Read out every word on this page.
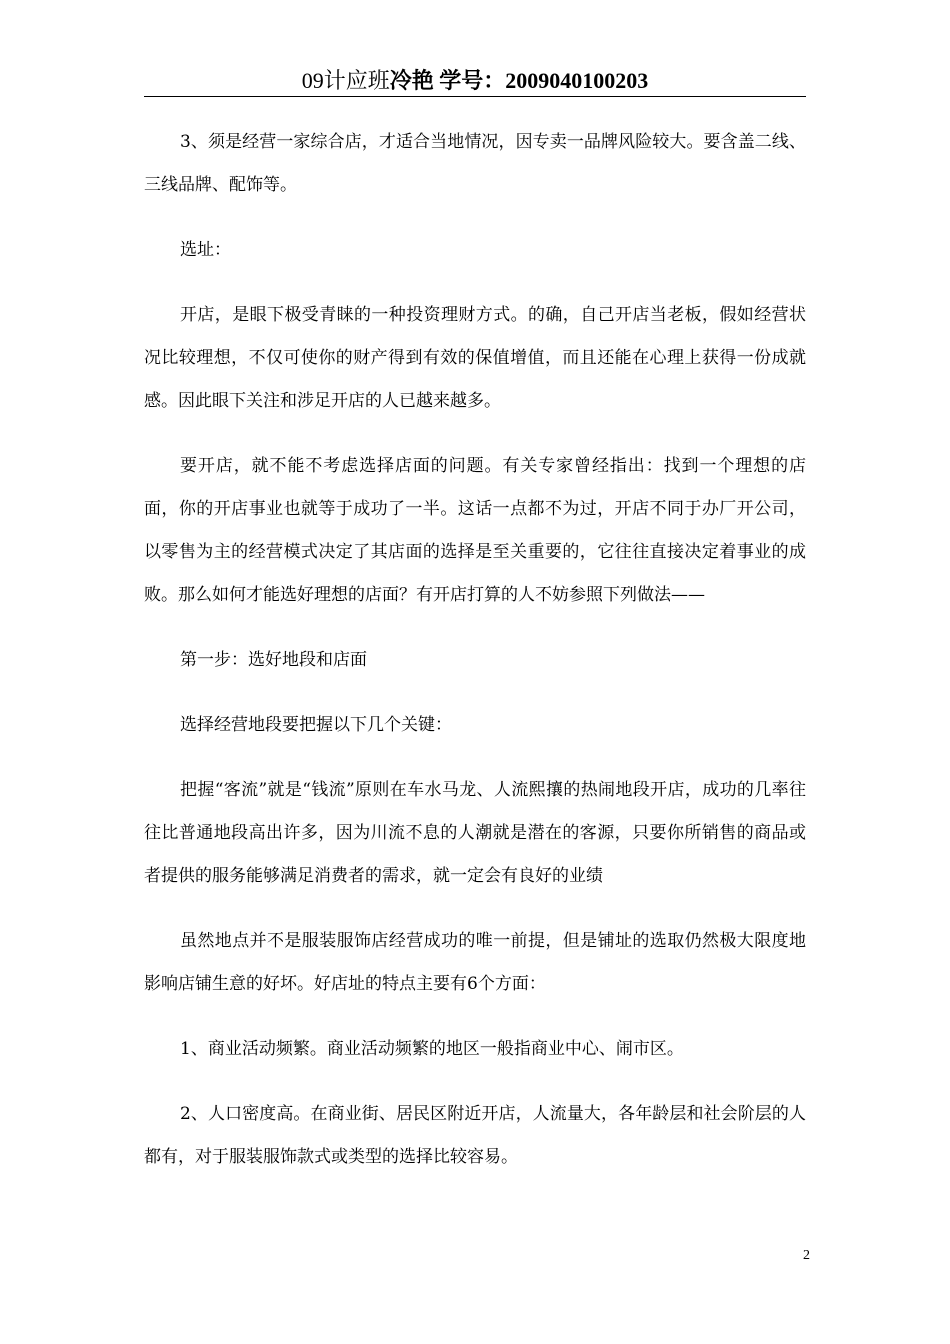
09计应班冷艳 学号：2009040100203

3、须是经营一家综合店，才适合当地情况，因专卖一品牌风险较大。要含盖二线、三线品牌、配饰等。

选址：

开店，是眼下极受青睐的一种投资理财方式。的确，自己开店当老板，假如经营状况比较理想，不仅可使你的财产得到有效的保值增值，而且还能在心理上获得一份成就感。因此眼下关注和涉足开店的人已越来越多。

要开店，就不能不考虑选择店面的问题。有关专家曾经指出：找到一个理想的店面，你的开店事业也就等于成功了一半。这话一点都不为过，开店不同于办厂开公司，以零售为主的经营模式决定了其店面的选择是至关重要的，它往往直接决定着事业的成败。那么如何才能选好理想的店面？有开店打算的人不妨参照下列做法——

第一步：选好地段和店面

选择经营地段要把握以下几个关键：

把握“客流”就是“钱流”原则在车水马龙、人流熙攘的热闹地段开店，成功的几率往往比普通地段高出许多，因为川流不息的人潮就是潜在的客源，只要你所销售的商品或者提供的服务能够满足消费者的需求，就一定会有良好的业绩

虽然地点并不是服装服饰店经营成功的唯一前提，但是铺址的选取仍然极大限度地影响店铺生意的好坏。好店址的特点主要有6个方面：

1、商业活动频繁。商业活动频繁的地区一般指商业中心、闹市区。

2、人口密度高。在商业街、居民区附近开店，人流量大，各年龄层和社会阶层的人都有，对于服装服饰款式或类型的选择比较容易。

2
